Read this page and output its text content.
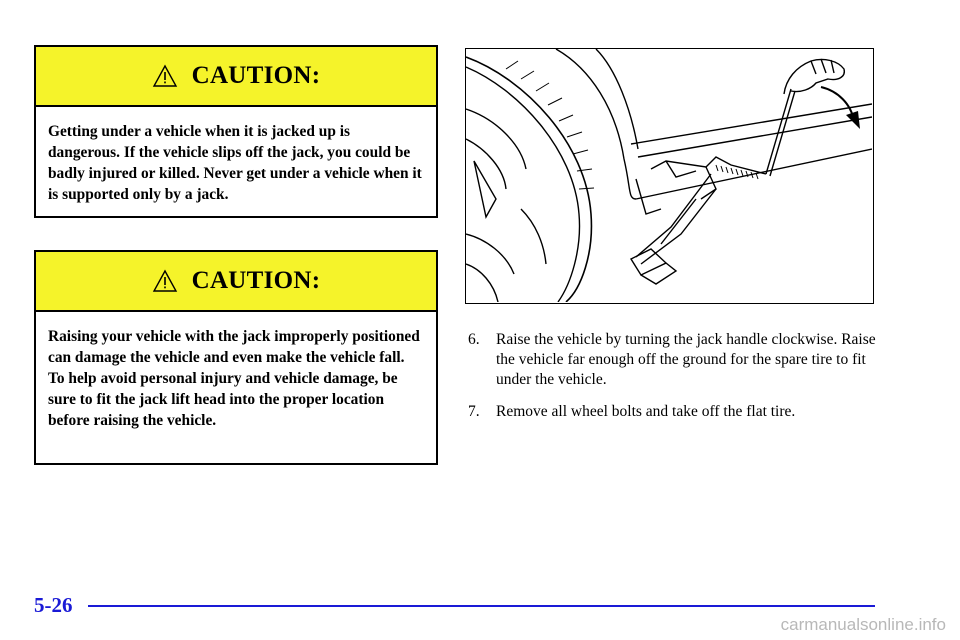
CAUTION:
Getting under a vehicle when it is jacked up is dangerous. If the vehicle slips off the jack, you could be badly injured or killed. Never get under a vehicle when it is supported only by a jack.
CAUTION:
Raising your vehicle with the jack improperly positioned can damage the vehicle and even make the vehicle fall. To help avoid personal injury and vehicle damage, be sure to fit the jack lift head into the proper location before raising the vehicle.
6.	Raise the vehicle by turning the jack handle clockwise. Raise the vehicle far enough off the ground for the spare tire to fit under the vehicle.
7.	Remove all wheel bolts and take off the flat tire.
5-26
carmanualsonline.info
